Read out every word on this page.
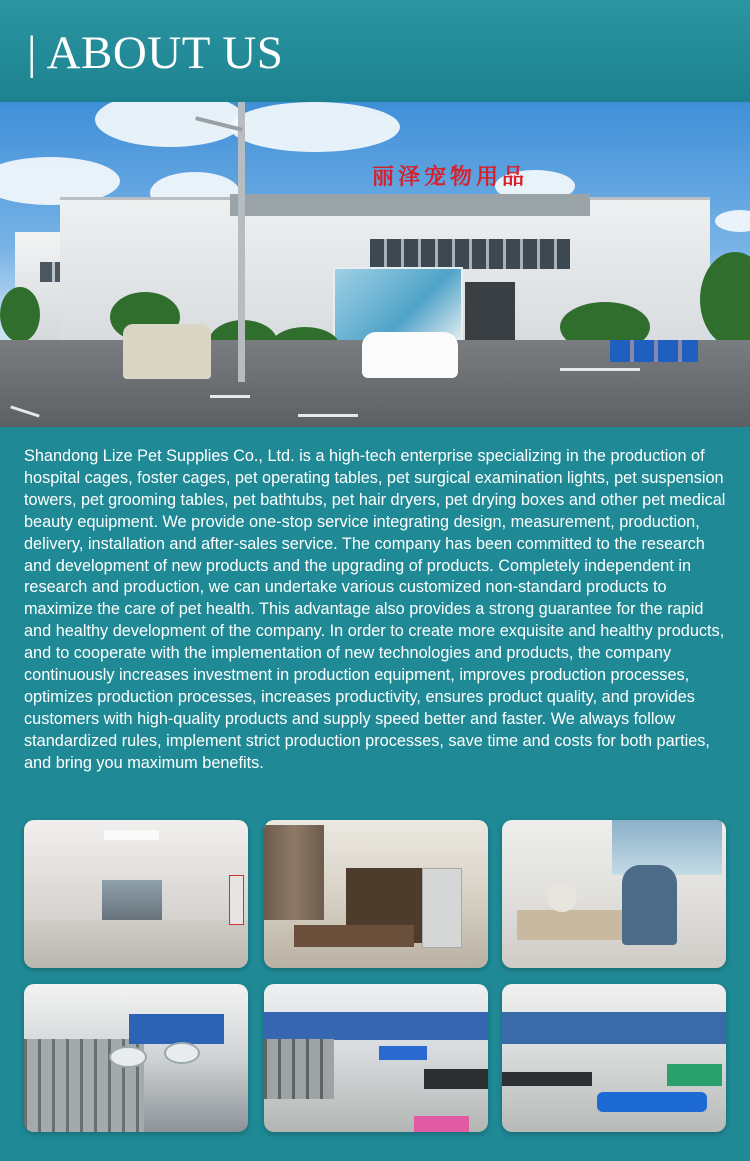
| ABOUT US
丽泽宠物用品
Shandong Lize Pet Supplies Co., Ltd. is a high-tech enterprise specializing in the production of hospital cages, foster cages, pet operating tables, pet surgical examination lights, pet suspension towers, pet grooming tables, pet bathtubs, pet hair dryers, pet drying boxes and other pet medical beauty equipment. We provide one-stop service integrating design, measurement, production, delivery, installation and after-sales service. The company has been committed to the research and development of new products and the upgrading of products. Completely independent in research and production, we can undertake various customized non-standard products to maximize the care of pet health. This advantage also provides a strong guarantee for the rapid and healthy development of the company. In order to create more exquisite and healthy products, and to cooperate with the implementation of new technologies and products, the company continuously increases investment in production equipment, improves production processes, optimizes production processes, increases productivity, ensures product quality, and provides customers with high-quality products and supply speed better and faster. We always follow standardized rules, implement strict production processes, save time and costs for both parties, and bring you maximum benefits.
